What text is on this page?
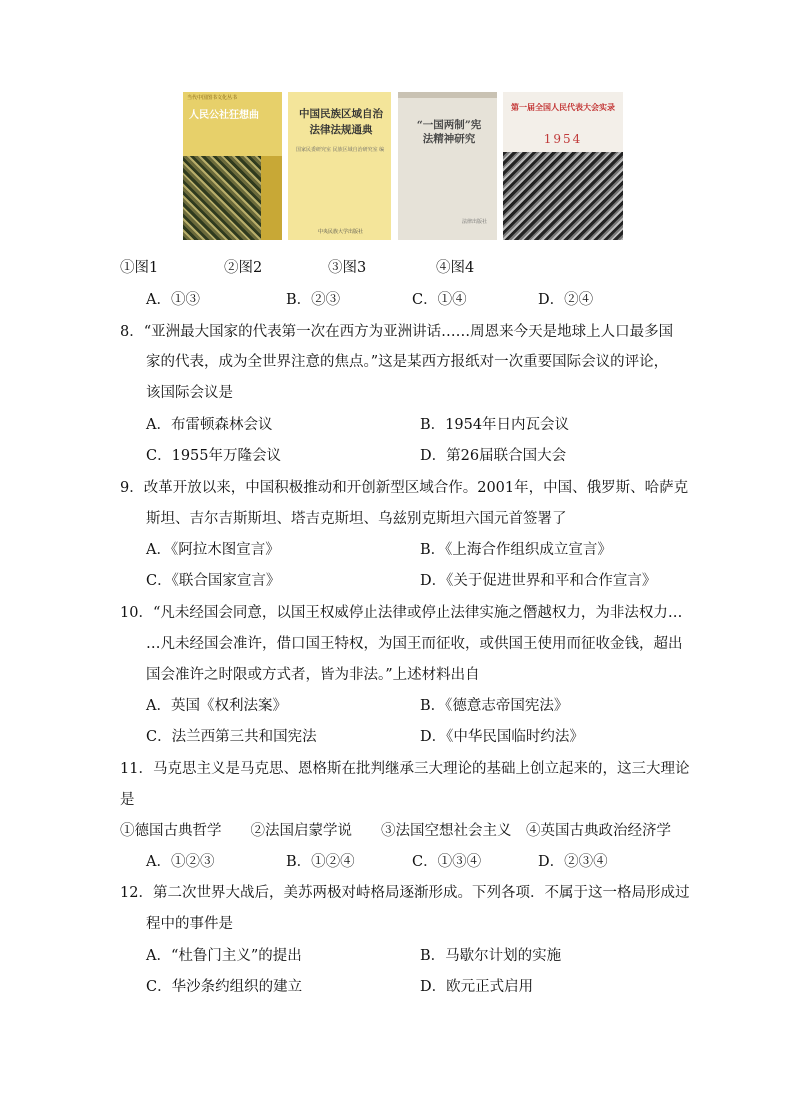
当代中国图书文化丛书
人民公社狂想曲	中国民族区域自治法律法规通典
国家民委研究室 民族区域自治研究室 编
中央民族大学出版社
“一国两制”宪法精神研究
法律出版社
第一届全国人民代表大会实录
1954
①图1	②图2	③图3	④图4
A．①③	B．②③	C．①④	D．②④
8．“亚洲最大国家的代表第一次在西方为亚洲讲话……周恩来今天是地球上人口最多国
家的代表，成为全世界注意的焦点。”这是某西方报纸对一次重要国际会议的评论，
该国际会议是
A．布雷顿森林会议	B．1954年日内瓦会议
C．1955年万隆会议	D．第26届联合国大会
9．改革开放以来，中国积极推动和开创新型区域合作。2001年，中国、俄罗斯、哈萨克
斯坦、吉尔吉斯斯坦、塔吉克斯坦、乌兹别克斯坦六国元首签署了
A．《阿拉木图宣言》	B．《上海合作组织成立宣言》
C．《联合国家宣言》	D．《关于促进世界和平和合作宣言》
10．“凡未经国会同意，以国王权威停止法律或停止法律实施之僭越权力，为非法权力…
…凡未经国会准许，借口国王特权，为国王而征收，或供国王使用而征收金钱，超出
国会准许之时限或方式者，皆为非法。”上述材料出自
A．英国《权利法案》	B．《德意志帝国宪法》
C．法兰西第三共和国宪法	D．《中华民国临时约法》
11．马克思主义是马克思、恩格斯在批判继承三大理论的基础上创立起来的，这三大理论
是
①德国古典哲学　　②法国启蒙学说　　③法国空想社会主义　④英国古典政治经济学
A．①②③	B．①②④	C．①③④	D．②③④
12．第二次世界大战后，美苏两极对峙格局逐渐形成。下列各项．不属于这一格局形成过
程中的事件是
A．“杜鲁门主义”的提出	B．马歇尔计划的实施
C．华沙条约组织的建立	D．欧元正式启用
